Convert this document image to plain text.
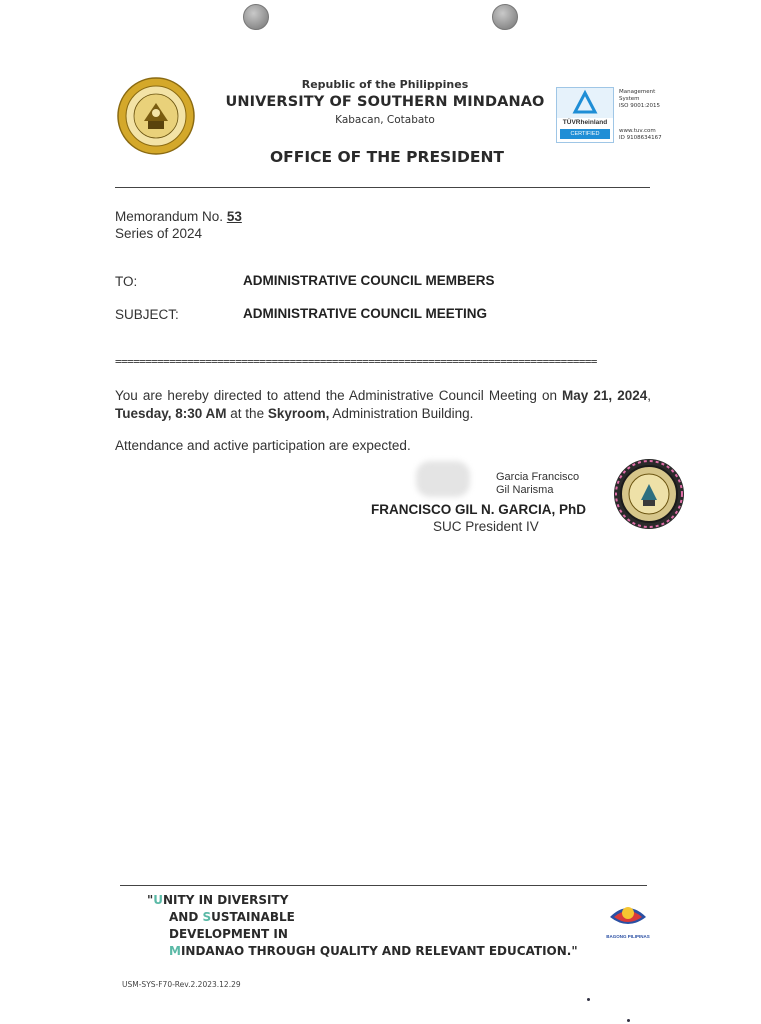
Republic of the Philippines
UNIVERSITY OF SOUTHERN MINDANAO
Kabacan, Cotabato	TÜVRheinland
CERTIFIED
Management
System
ISO 9001:2015
www.tuv.com
ID 9108634167
OFFICE OF THE PRESIDENT
Memorandum No. 53
Series of 2024
TO:	ADMINISTRATIVE COUNCIL MEMBERS
SUBJECT:	ADMINISTRATIVE COUNCIL MEETING
================================================================================
You are hereby directed to attend the Administrative Council Meeting on May 21, 2024, Tuesday, 8:30 AM at the Skyroom, Administration Building.
Attendance and active participation are expected.
Garcia Francisco
Gil Narisma
FRANCISCO GIL N. GARCIA, PhD
SUC President IV
"UNITY IN DIVERSITY
AND SUSTAINABLE
DEVELOPMENT IN
MINDANAO THROUGH QUALITY AND RELEVANT EDUCATION."
BAGONG PILIPINAS
USM-SYS-F70-Rev.2.2023.12.29
